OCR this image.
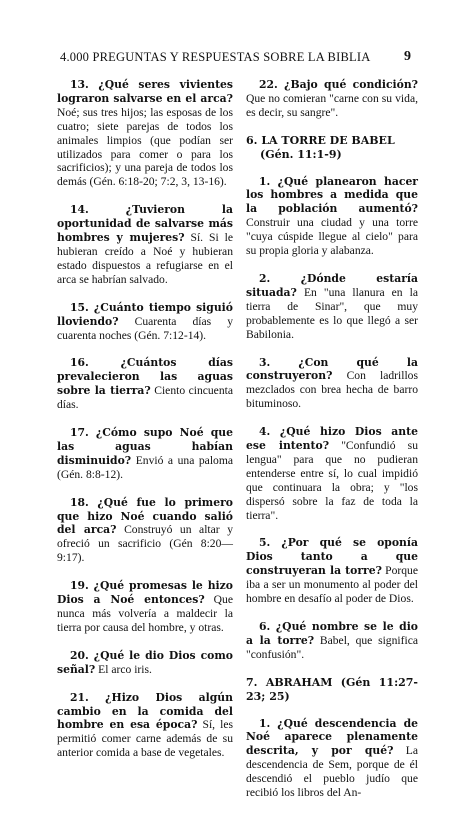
4.000 PREGUNTAS Y RESPUESTAS SOBRE LA BIBLIA	9

13. ¿Qué seres vivientes lograron salvarse en el arca? Noé; sus tres hijos; las esposas de los cuatro; siete parejas de todos los animales limpios (que podían ser utilizados para comer o para los sacrificios); y una pareja de todos los demás (Gén. 6:18-20; 7:2, 3, 13-16).

14. ¿Tuvieron la oportunidad de salvarse más hombres y mujeres? Sí. Si le hubieran creído a Noé y hubieran estado dispuestos a refugiarse en el arca se habrían salvado.

15. ¿Cuánto tiempo siguió lloviendo? Cuarenta días y cuarenta noches (Gén. 7:12-14).

16. ¿Cuántos días prevalecieron las aguas sobre la tierra? Ciento cincuenta días.

17. ¿Cómo supo Noé que las aguas habían disminuido? Envió a una paloma (Gén. 8:8-12).

18. ¿Qué fue lo primero que hizo Noé cuando salió del arca? Construyó un altar y ofreció un sacrificio (Gén 8:20—9:17).

19. ¿Qué promesas le hizo Dios a Noé entonces? Que nunca más volvería a maldecir la tierra por causa del hombre, y otras.

20. ¿Qué le dio Dios como señal? El arco iris.

21. ¿Hizo Dios algún cambio en la comida del hombre en esa época? Sí, les permitió comer carne además de su anterior comida a base de vegetales.

22. ¿Bajo qué condición? Que no comieran "carne con su vida, es decir, su sangre".

6. LA TORRE DE BABEL
(Gén. 11:1-9)

1. ¿Qué planearon hacer los hombres a medida que la población aumentó? Construir una ciudad y una torre "cuya cúspide llegue al cielo" para su propia gloria y alabanza.

2. ¿Dónde estaría situada? En "una llanura en la tierra de Sinar", que muy probablemente es lo que llegó a ser Babilonia.

3. ¿Con qué la construyeron? Con ladrillos mezclados con brea hecha de barro bituminoso.

4. ¿Qué hizo Dios ante ese intento? "Confundió su lengua" para que no pudieran entenderse entre sí, lo cual impidió que continuara la obra; y "los dispersó sobre la faz de toda la tierra".

5. ¿Por qué se oponía Dios tanto a que construyeran la torre? Porque iba a ser un monumento al poder del hombre en desafío al poder de Dios.

6. ¿Qué nombre se le dio a la torre? Babel, que significa "confusión".

7. ABRAHAM (Gén 11:27-23; 25)

1. ¿Qué descendencia de Noé aparece plenamente descrita, y por qué? La descendencia de Sem, porque de él descendió el pueblo judío que recibió los libros del An-
